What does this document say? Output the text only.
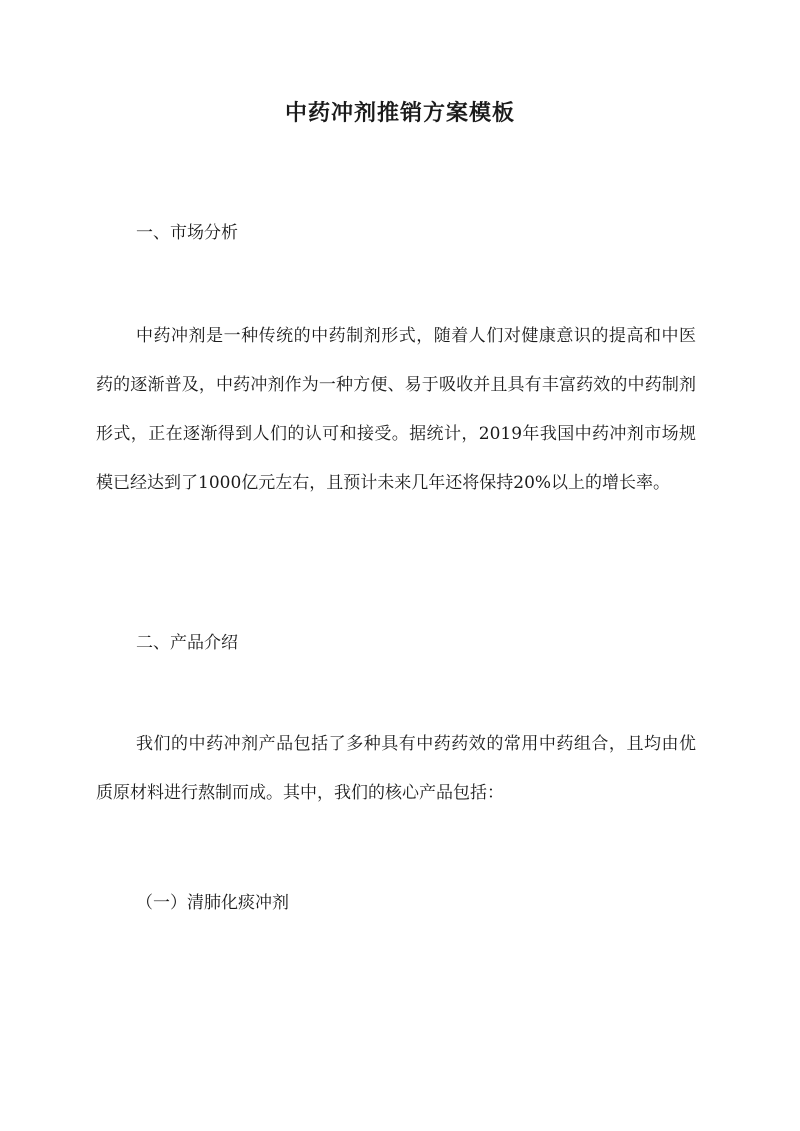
中药冲剂推销方案模板
一、市场分析
中药冲剂是一种传统的中药制剂形式，随着人们对健康意识的提高和中医药的逐渐普及，中药冲剂作为一种方便、易于吸收并且具有丰富药效的中药制剂形式，正在逐渐得到人们的认可和接受。据统计，2019年我国中药冲剂市场规模已经达到了1000亿元左右，且预计未来几年还将保持20%以上的增长率。
二、产品介绍
我们的中药冲剂产品包括了多种具有中药药效的常用中药组合，且均由优质原材料进行熬制而成。其中，我们的核心产品包括：
（一）清肺化痰冲剂
